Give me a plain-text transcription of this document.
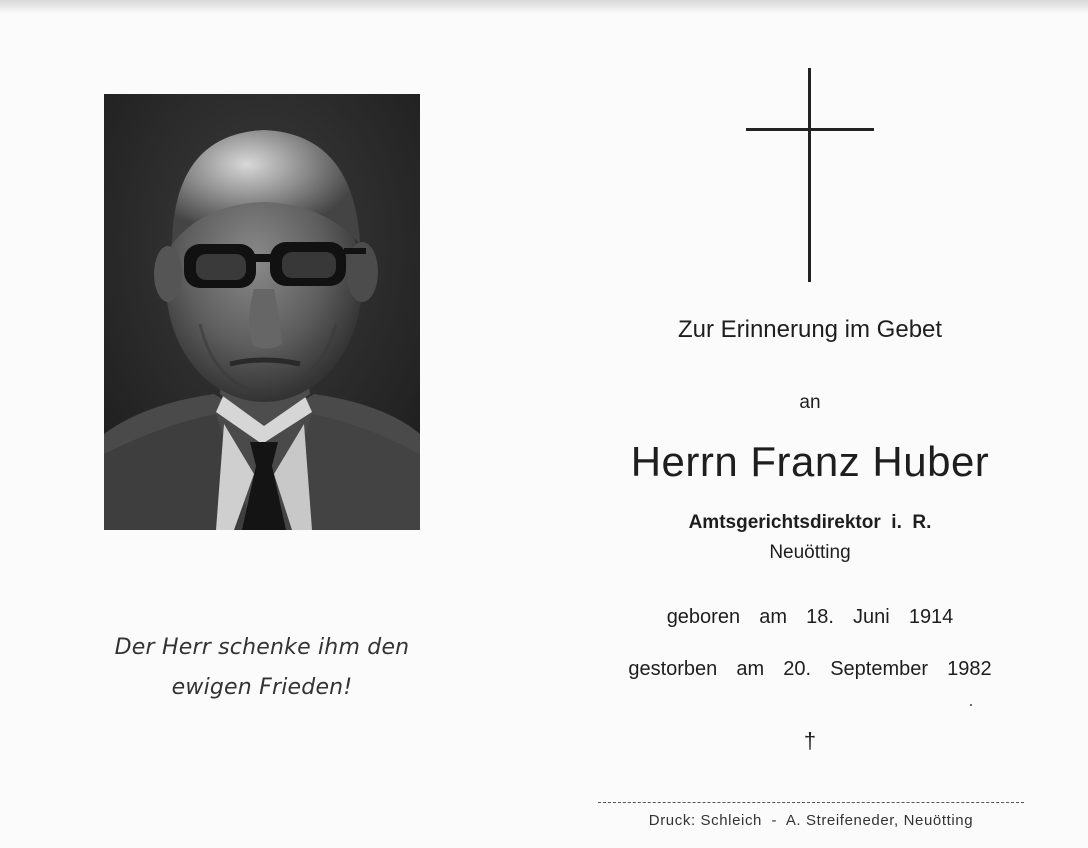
Der Herr schenke ihm den
ewigen Frieden!
Zur Erinnerung im Gebet
an
Herrn Franz Huber
Amtsgerichtsdirektor  i.  R.
Neuötting
geboren  am  18.  Juni  1914
gestorben  am  20.  September  1982
†
Druck: Schleich  -  A. Streifeneder, Neuötting
